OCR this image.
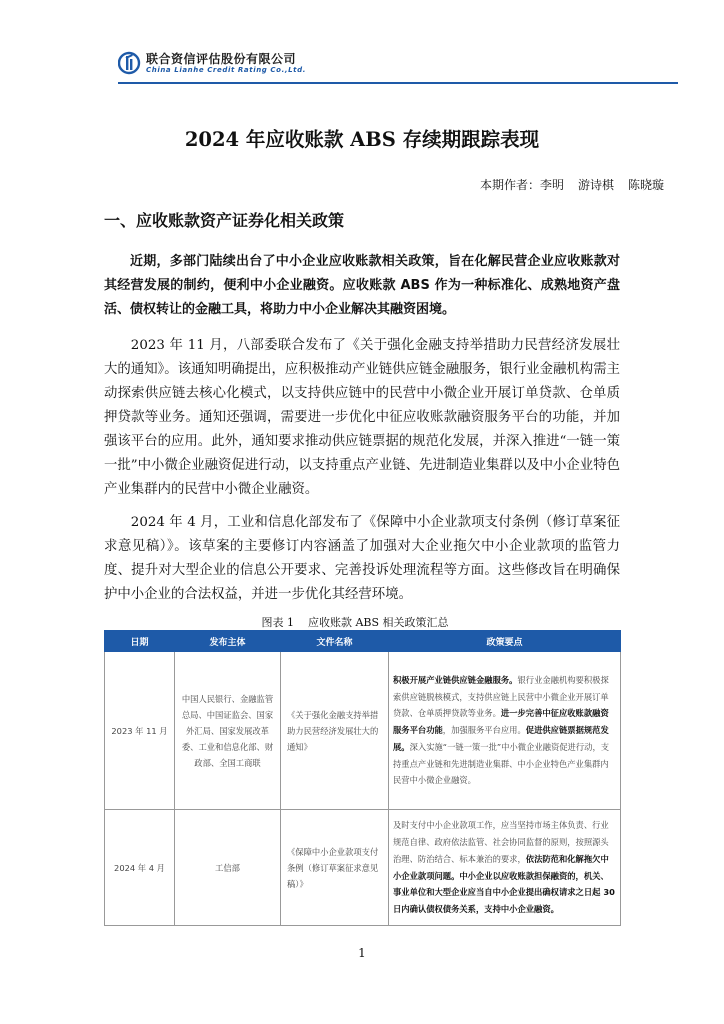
联合资信评估股份有限公司
China Lianhe Credit Rating Co.,Ltd.
2024 年应收账款 ABS 存续期跟踪表现
本期作者：李明 游诗棋 陈晓璇
一、应收账款资产证券化相关政策

近期，多部门陆续出台了中小企业应收账款相关政策，旨在化解民营企业应收账款对其经营发展的制约，便利中小企业融资。应收账款 ABS 作为一种标准化、成熟地资产盘活、债权转让的金融工具，将助力中小企业解决其融资困境。

2023 年 11 月，八部委联合发布了《关于强化金融支持举措助力民营经济发展壮大的通知》。该通知明确提出，应积极推动产业链供应链金融服务，银行业金融机构需主动探索供应链去核心化模式，以支持供应链中的民营中小微企业开展订单贷款、仓单质押贷款等业务。通知还强调，需要进一步优化中征应收账款融资服务平台的功能，并加强该平台的应用。此外，通知要求推动供应链票据的规范化发展，并深入推进“一链一策一批”中小微企业融资促进行动，以支持重点产业链、先进制造业集群以及中小企业特色产业集群内的民营中小微企业融资。

2024 年 4 月，工业和信息化部发布了《保障中小企业款项支付条例（修订草案征求意见稿）》。该草案的主要修订内容涵盖了加强对大企业拖欠中小企业款项的监管力度、提升对大型企业的信息公开要求、完善投诉处理流程等方面。这些修改旨在明确保护中小企业的合法权益，并进一步优化其经营环境。

图表 1 应收账款 ABS 相关政策汇总
日期	发布主体	文件名称	政策要点
2023 年 11 月	中国人民银行、金融监管总局、中国证监会、国家外汇局、国家发展改革委、工业和信息化部、财政部、全国工商联	《关于强化金融支持举措助力民营经济发展壮大的通知》	积极开展产业链供应链金融服务。银行业金融机构要积极探索供应链脱核模式，支持供应链上民营中小微企业开展订单贷款、仓单质押贷款等业务。进一步完善中征应收账款融资服务平台功能，加强服务平台应用。促进供应链票据规范发展。深入实施“一链一策一批”中小微企业融资促进行动，支持重点产业链和先进制造业集群、中小企业特色产业集群内民营中小微企业融资。
2024 年 4 月	工信部	《保障中小企业款项支付条例（修订草案征求意见稿）》	及时支付中小企业款项工作，应当坚持市场主体负责、行业规范自律、政府依法监管、社会协同监督的原则，按照源头治理、防治结合、标本兼治的要求，依法防范和化解拖欠中小企业款项问题。中小企业以应收账款担保融资的，机关、事业单位和大型企业应当自中小企业提出确权请求之日起 30 日内确认债权债务关系，支持中小企业融资。
1
